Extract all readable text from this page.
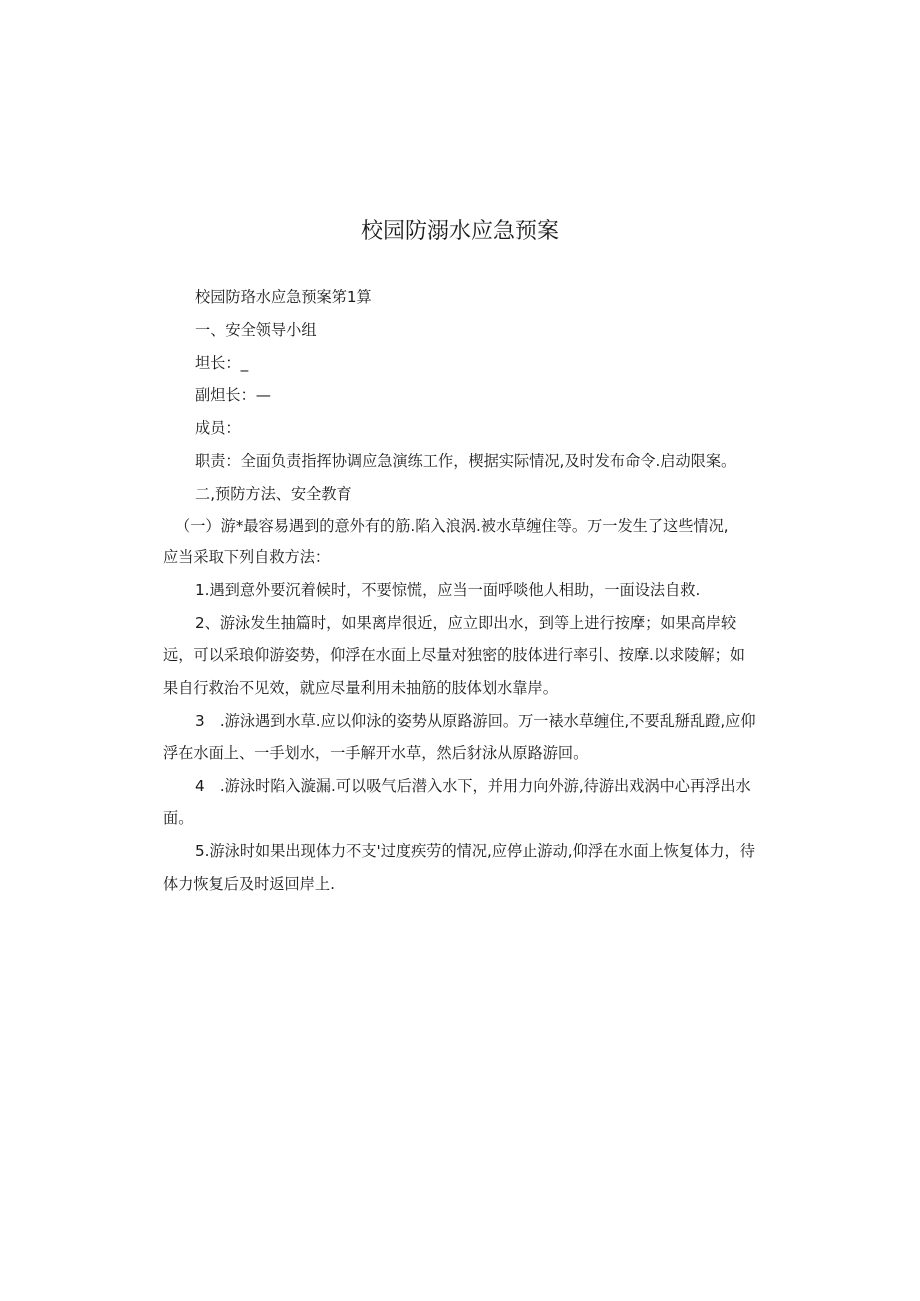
校园防溺水应急预案

校园防珞水应急预案笫1算

一、安全领导小组

坦长：_

副炟长：—

成员：

职责：全面负责指挥协调应急演练工作，楔据实际情况,及时发布命令.启动限案。

二,预防方法、安全教育

（一）游*最容易遇到的意外有的筋.陷入浪涡.被水草缠住等。万一发生了这些情况,

应当采取下列自救方法：

1.遇到意外要沉着候时，不要惊慌，应当一面呼啖他人相助，一面设法自救.

2、游泳发生抽篇时，如果离岸很近，应立即出水，到等上进行按摩；如果高岸较

远，可以采琅仰游姿势，仰浮在水面上尽量对独密的肢体进行率引、按摩.以求陵解；如

果自行救治不见效，就应尽量利用未抽筋的肢体划水靠岸。

3　.游泳遇到水草.应以仰泳的姿势从原路游回。万一裱水草缠住,不要乱掰乱蹬,应仰

浮在水面上、一手划水，一手解开水草，然后豺泳从原路游回。

4　.游泳时陷入漩漏.可以吸气后潜入水下，并用力向外游,待游出戏涡中心再浮出水

面。

5.游泳时如果出现体力不支'过度疾劳的情况,应停止游动,仰浮在水面上恢复体力，待

体力恢复后及时返回岸上.
